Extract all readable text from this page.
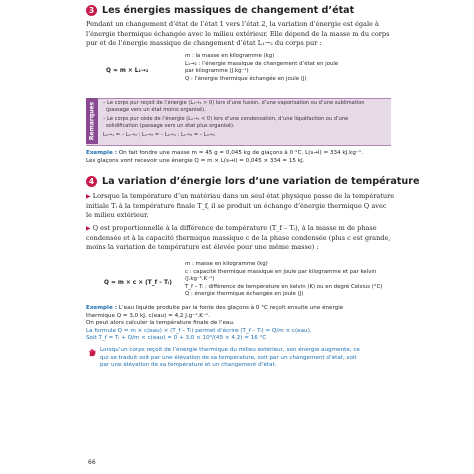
3 Les énergies massiques de changement d’état
Pendant un changement d’état de l’état 1 vers l’état 2, la variation d’énergie est égale à
l’énergie thermique échangée avec le milieu extérieur. Elle dépend de la masse m du corps
pur et de l’énergie massique de changement d’état L₁→₂ du corps pur :
Q = m × L₁→₂
m : la masse en kilogramme (kg)
L₁→₂ : l’énergie massique de changement d’état en joule
par kilogramme (J.kg⁻¹)
Q : l’énergie thermique échangée en joule (J)
Remarques – Le corps pur reçoit de l’énergie (L₁→₂ > 0) lors d’une fusion, d’une vaporisation ou d’une sublimation
(passage vers un état moins organisé).
– Le corps pur cède de l’énergie (L₁→₂ < 0) lors d’une condensation, d’une liquéfaction ou d’une
solidification (passage vers un état plus organisé).
L₂→₁ = – L₁→₂ ; L₁→₂ = – L₂→₁ ; L₁→₃ = – L₃→₁
Exemple : On fait fondre une masse m = 45 g = 0,045 kg de glaçons à 0 °C. L(s→l) = 334 kJ.kg⁻¹.
Les glaçons vont recevoir une énergie Q = m × L(s→l) = 0,045 × 334 = 15 kJ.
4 La variation d’énergie lors d’une variation de température
▶ Lorsque la température d’un matériau dans un seul état physique passe de la température
initiale Tᵢ à la température finale T_f, il se produit un échange d’énergie thermique Q avec
le milieu extérieur.
▶ Q est proportionnelle à la différence de température (T_f – Tᵢ), à la masse m de phase
condensée et à la capacité thermique massique c de la phase condensée (plus c est grande,
moins la variation de température est élevée pour une même masse) :
Q = m × c × (T_f – Tᵢ)
m : masse en kilogramme (kg)
c : capacité thermique massique en joule par kilogramme et par kelvin
(J.kg⁻¹.K⁻¹)
T_f – Tᵢ : différence de température en kelvin (K) ou en degré Celsius (°C)
Q : énergie thermique échangée en joule (J)
Exemple : L’eau liquide produite par la fonte des glaçons à 0 °C reçoit ensuite une énergie
thermique Q = 3,0 kJ, c(eau) = 4,2 J.g⁻¹.K⁻¹.
On peut alors calculer la température finale de l’eau.
La formule Q = m × c(eau) × (T_f – Tᵢ) permet d’écrire (T_f – Tᵢ) = Q/m × c(eau).
Soit T_f = Tᵢ + Q/m × c(eau) = 0 + 3,0 × 10³/(45 × 4,2) = 16 °C
Lorsqu’un corps reçoit de l’énergie thermique du milieu extérieur, son énergie augmente, ce
qui se traduit soit par une élévation de sa température, soit par un changement d’état, soit
par une élévation de sa température et un changement d’état.
66
